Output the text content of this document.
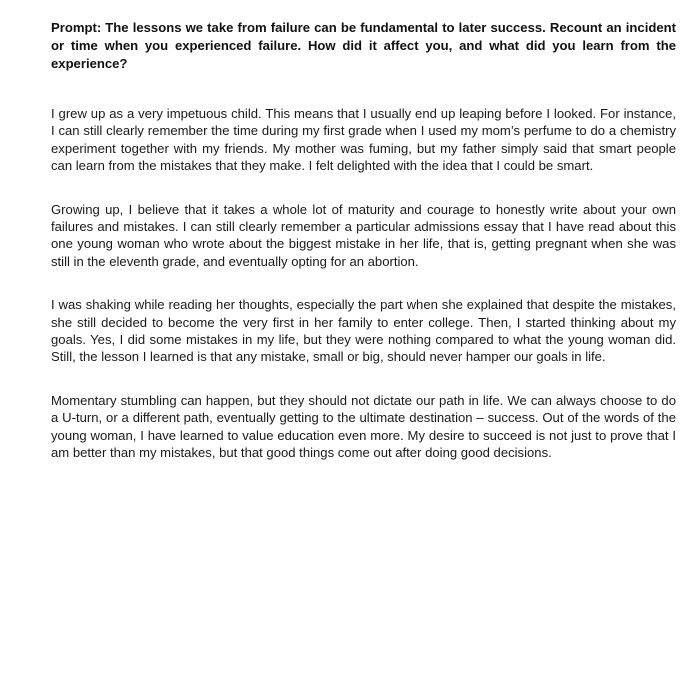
Prompt: The lessons we take from failure can be fundamental to later success. Recount an incident or time when you experienced failure. How did it affect you, and what did you learn from the experience?

I grew up as a very impetuous child. This means that I usually end up leaping before I looked. For instance, I can still clearly remember the time during my first grade when I used my mom’s perfume to do a chemistry experiment together with my friends. My mother was fuming, but my father simply said that smart people can learn from the mistakes that they make. I felt delighted with the idea that I could be smart.

Growing up, I believe that it takes a whole lot of maturity and courage to honestly write about your own failures and mistakes. I can still clearly remember a particular admissions essay that I have read about this one young woman who wrote about the biggest mistake in her life, that is, getting pregnant when she was still in the eleventh grade, and eventually opting for an abortion.

I was shaking while reading her thoughts, especially the part when she explained that despite the mistakes, she still decided to become the very first in her family to enter college. Then, I started thinking about my goals. Yes, I did some mistakes in my life, but they were nothing compared to what the young woman did. Still, the lesson I learned is that any mistake, small or big, should never hamper our goals in life.

Momentary stumbling can happen, but they should not dictate our path in life. We can always choose to do a U-turn, or a different path, eventually getting to the ultimate destination – success. Out of the words of the young woman, I have learned to value education even more. My desire to succeed is not just to prove that I am better than my mistakes, but that good things come out after doing good decisions.
